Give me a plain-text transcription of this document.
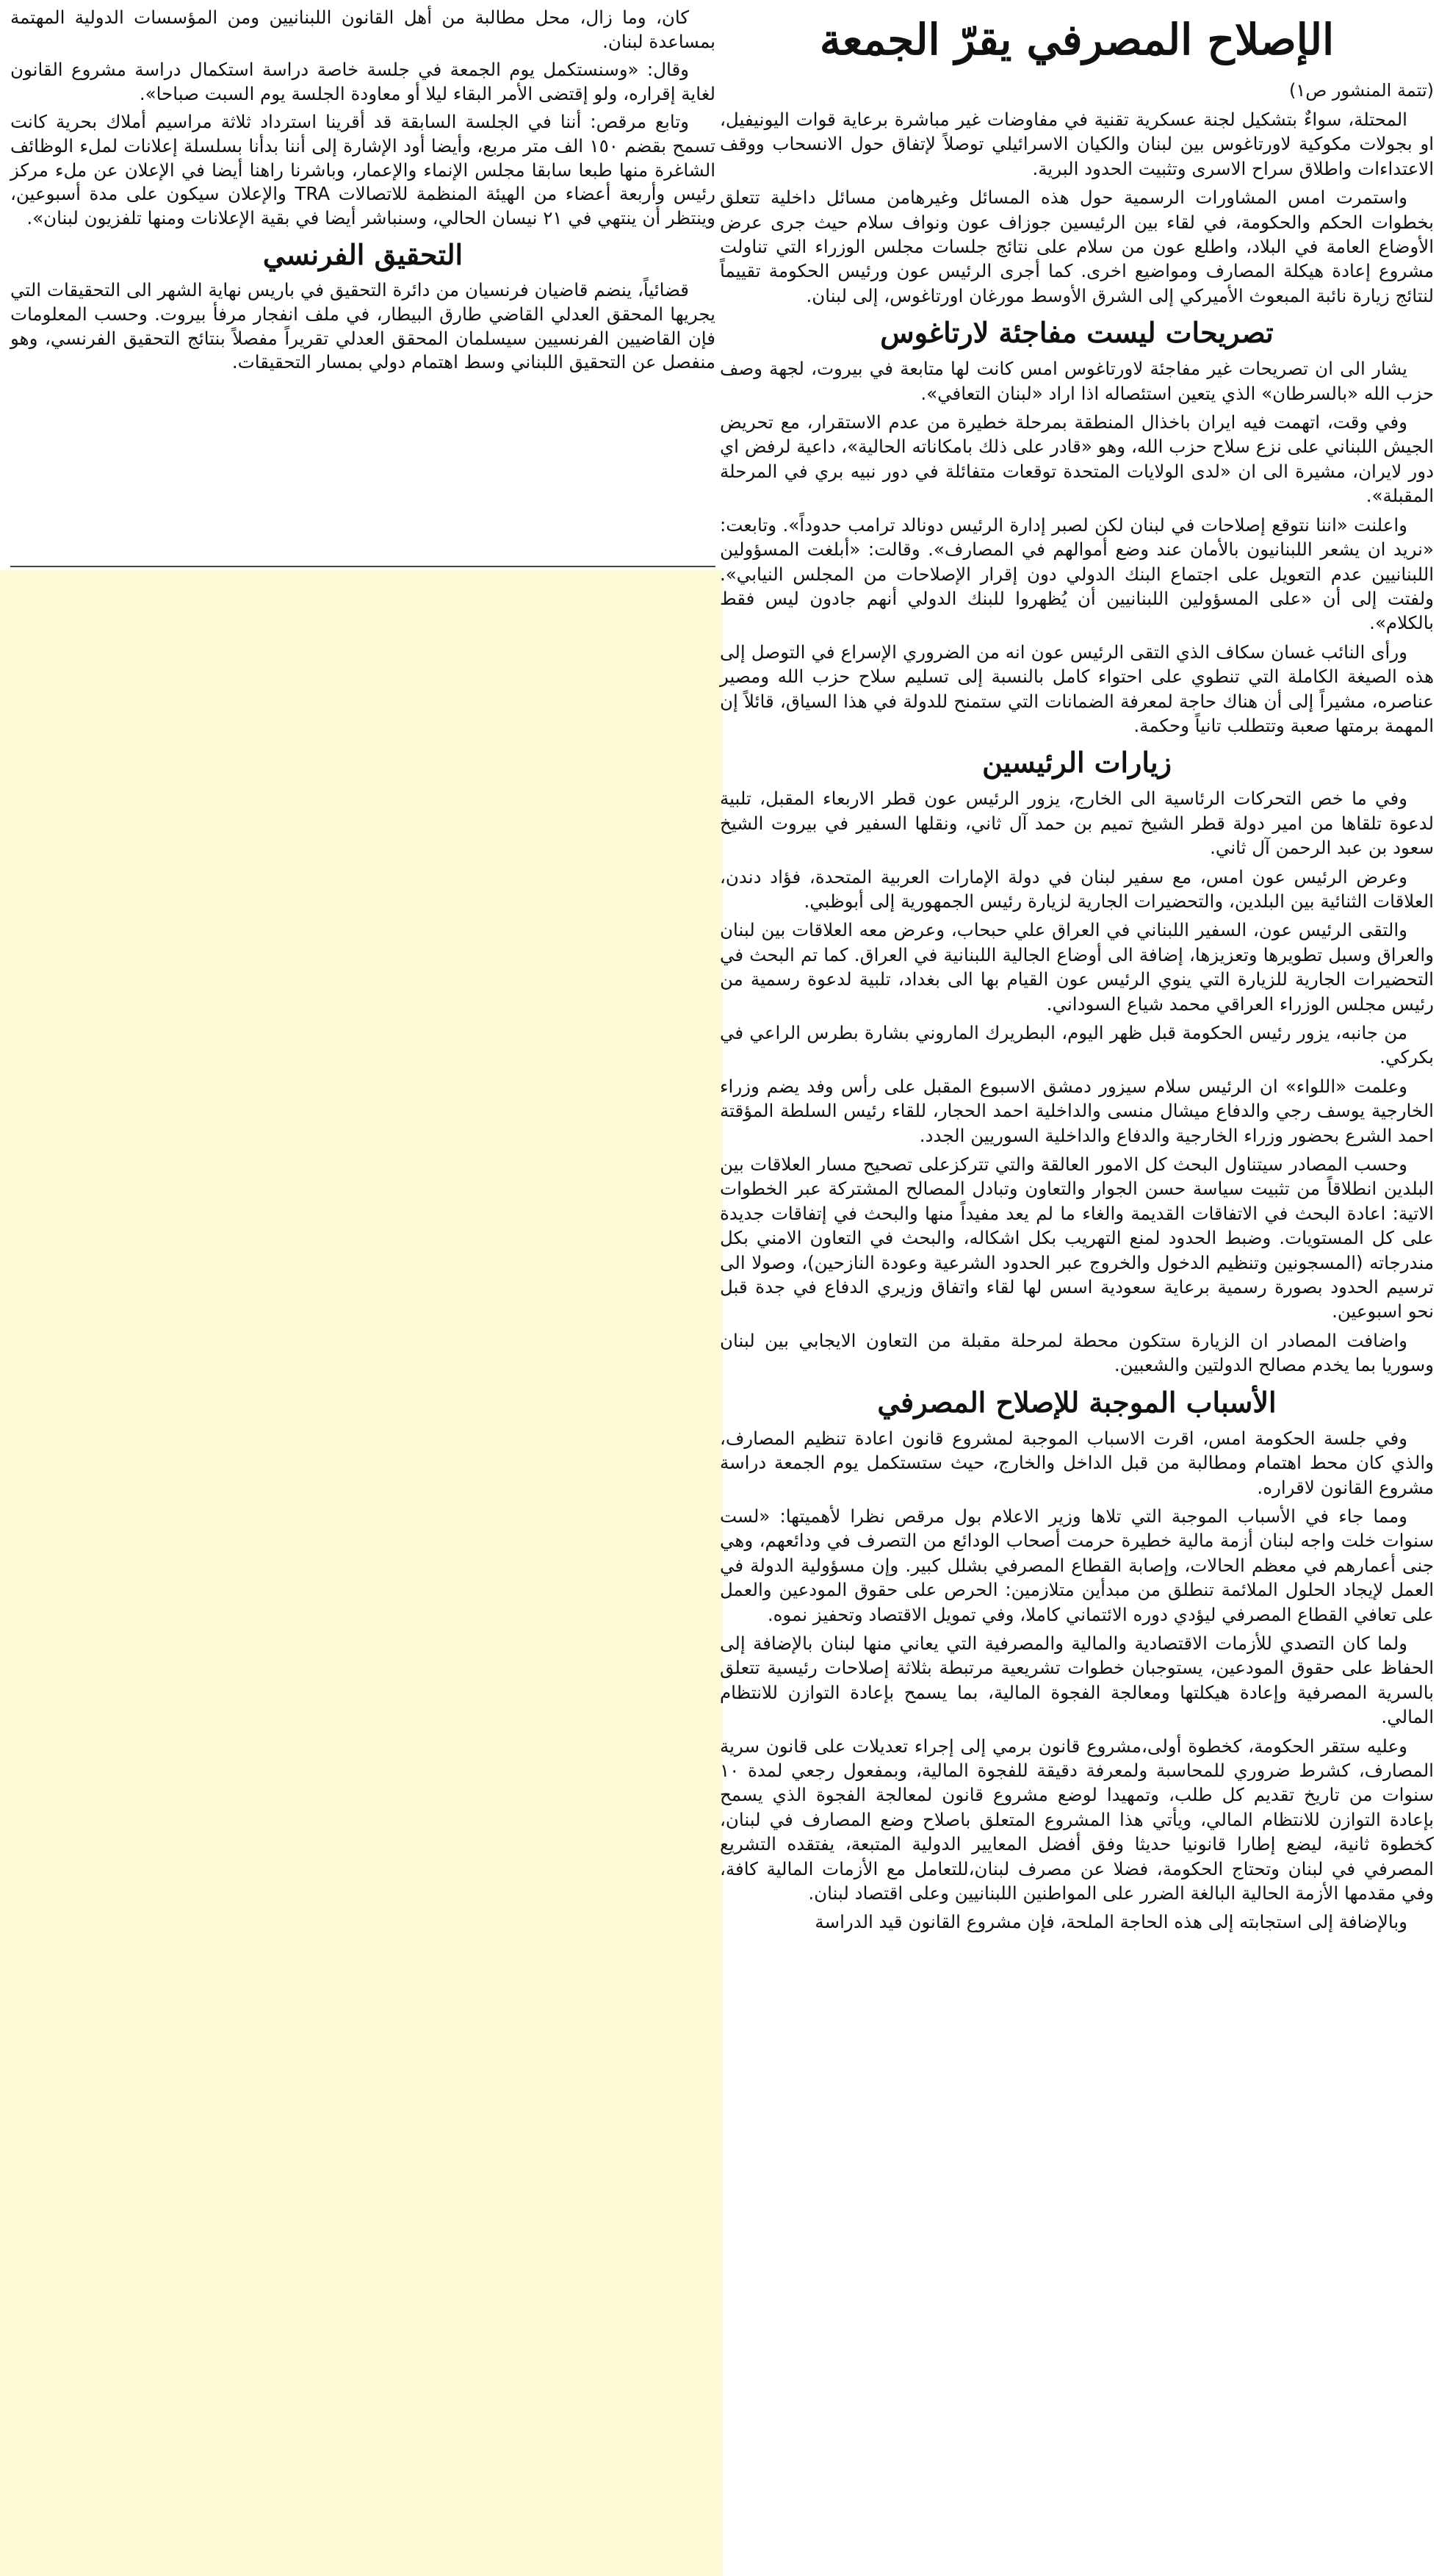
الإصلاح المصرفي يقرّ الجمعة
(تتمة المنشور ص١)

المحتلة، سواءٌ بتشكيل لجنة عسكرية تقنية في مفاوضات غير مباشرة برعاية قوات اليونيفيل، او بجولات مكوكية لاورتاغوس بين لبنان والكيان الاسرائيلي توصلاً لإتفاق حول الانسحاب ووقف الاعتداءات واطلاق سراح الاسرى وتثبيت الحدود البرية.

واستمرت امس المشاورات الرسمية حول هذه المسائل وغيرهامن مسائل داخلية تتعلق بخطوات الحكم والحكومة، في لقاء بين الرئيسين جوزاف عون ونواف سلام حيث جرى عرض الأوضاع العامة في البلاد، واطلع عون من سلام على نتائج جلسات مجلس الوزراء التي تناولت مشروع إعادة هيكلة المصارف ومواضيع اخرى. كما أجرى الرئيس عون ورئيس الحكومة تقييماً لنتائج زيارة نائبة المبعوث الأميركي إلى الشرق الأوسط مورغان اورتاغوس، إلى لبنان.

تصريحات ليست مفاجئة لارتاغوس

يشار الى ان تصريحات غير مفاجئة لاورتاغوس امس كانت لها متابعة في بيروت، لجهة وصف حزب الله «بالسرطان» الذي يتعين استئصاله اذا اراد «لبنان التعافي».

وفي وقت، اتهمت فيه ايران باخذال المنطقة بمرحلة خطيرة من عدم الاستقرار، مع تحريض الجيش اللبناني على نزع سلاح حزب الله، وهو «قادر على ذلك بامكاناته الحالية»، داعية لرفض اي دور لايران، مشيرة الى ان «لدى الولايات المتحدة توقعات متفائلة في دور نبيه بري في المرحلة المقبلة».

واعلنت «اننا نتوقع إصلاحات في لبنان لكن لصبر إدارة الرئيس دونالد ترامب حدوداً». وتابعت: «نريد ان يشعر اللبنانيون بالأمان عند وضع أموالهم في المصارف». وقالت: «أبلغت المسؤولين اللبنانيين عدم التعويل على اجتماع البنك الدولي دون إقرار الإصلاحات من المجلس النيابي». ولفتت إلى أن «على المسؤولين اللبنانيين أن يُظهروا للبنك الدولي أنهم جادون ليس فقط بالكلام».

ورأى النائب غسان سكاف الذي التقى الرئيس عون انه من الضروري الإسراع في التوصل إلى هذه الصيغة الكاملة التي تنطوي على احتواء كامل بالنسبة إلى تسليم سلاح حزب الله ومصير عناصره، مشيراً إلى أن هناك حاجة لمعرفة الضمانات التي ستمنح للدولة في هذا السياق، قائلاً إن المهمة برمتها صعبة وتتطلب تانياً وحكمة.

زيارات الرئيسين

وفي ما خص التحركات الرئاسية الى الخارج، يزور الرئيس عون قطر الاربعاء المقبل، تلبية لدعوة تلقاها من امير دولة قطر الشيخ تميم بن حمد آل ثاني، ونقلها السفير في بيروت الشيخ سعود بن عبد الرحمن آل ثاني.

وعرض الرئيس عون امس، مع سفير لبنان في دولة الإمارات العربية المتحدة، فؤاد دندن، العلاقات الثنائية بين البلدين، والتحضيرات الجارية لزيارة رئيس الجمهورية إلى أبوظبي.

والتقى الرئيس عون، السفير اللبناني في العراق علي حبحاب، وعرض معه العلاقات بين لبنان والعراق وسبل تطويرها وتعزيزها، إضافة الى أوضاع الجالية اللبنانية في العراق. كما تم البحث في التحضيرات الجارية للزيارة التي ينوي الرئيس عون القيام بها الى بغداد، تلبية لدعوة رسمية من رئيس مجلس الوزراء العراقي محمد شياع السوداني.

من جانبه، يزور رئيس الحكومة قبل ظهر اليوم، البطريرك الماروني بشارة بطرس الراعي في بكركي.

وعلمت «اللواء» ان الرئيس سلام سيزور دمشق الاسبوع المقبل على رأس وفد يضم وزراء الخارجية يوسف رجي والدفاع ميشال منسى والداخلية احمد الحجار، للقاء رئيس السلطة المؤقتة احمد الشرع بحضور وزراء الخارجية والدفاع والداخلية السوريين الجدد.

وحسب المصادر سيتناول البحث كل الامور العالقة والتي تتركزعلى تصحيح مسار العلاقات بين البلدين انطلاقاً من تثبيت سياسة حسن الجوار والتعاون وتبادل المصالح المشتركة عبر الخطوات الاتية: اعادة البحث في الاتفاقات القديمة والغاء ما لم يعد مفيداً منها والبحث في إتفاقات جديدة على كل المستويات. وضبط الحدود لمنع التهريب بكل اشكاله، والبحث في التعاون الامني بكل مندرجاته (المسجونين وتنظيم الدخول والخروج عبر الحدود الشرعية وعودة النازحين)، وصولا الى ترسيم الحدود بصورة رسمية برعاية سعودية اسس لها لقاء واتفاق وزيري الدفاع في جدة قبل نحو اسبوعين.

واضافت المصادر ان الزيارة ستكون محطة لمرحلة مقبلة من التعاون الايجابي بين لبنان وسوريا بما يخدم مصالح الدولتين والشعبين.

الأسباب الموجبة للإصلاح المصرفي

وفي جلسة الحكومة امس، اقرت الاسباب الموجبة لمشروع قانون اعادة تنظيم المصارف، والذي كان محط اهتمام ومطالبة من قبل الداخل والخارج، حيث ستستكمل يوم الجمعة دراسة مشروع القانون لاقراره.

ومما جاء في الأسباب الموجبة التي تلاها وزير الاعلام بول مرقص نظرا لأهميتها: «لست سنوات خلت واجه لبنان أزمة مالية خطيرة حرمت أصحاب الودائع من التصرف في ودائعهم، وهي جنى أعمارهم في معظم الحالات، وإصابة القطاع المصرفي بشلل كبير. وإن مسؤولية الدولة في العمل لإيجاد الحلول الملائمة تنطلق من مبدأين متلازمين: الحرص على حقوق المودعين والعمل على تعافي القطاع المصرفي ليؤدي دوره الائتماني كاملا، وفي تمويل الاقتصاد وتحفيز نموه.

ولما كان التصدي للأزمات الاقتصادية والمالية والمصرفية التي يعاني منها لبنان بالإضافة إلى الحفاظ على حقوق المودعين، يستوجبان خطوات تشريعية مرتبطة بثلاثة إصلاحات رئيسية تتعلق بالسرية المصرفية وإعادة هيكلتها ومعالجة الفجوة المالية، بما يسمح بإعادة التوازن للانتظام المالي.

وعليه ستقر الحكومة، كخطوة أولى،مشروع قانون برمي إلى إجراء تعديلات على قانون سرية المصارف، كشرط ضروري للمحاسبة ولمعرفة دقيقة للفجوة المالية، وبمفعول رجعي لمدة ١٠ سنوات من تاريخ تقديم كل طلب، وتمهيدا لوضع مشروع قانون لمعالجة الفجوة الذي يسمح بإعادة التوازن للانتظام المالي، ويأتي هذا المشروع المتعلق باصلاح وضع المصارف في لبنان، كخطوة ثانية، ليضع إطارا قانونيا حديثا وفق أفضل المعايير الدولية المتبعة، يفتقده التشريع المصرفي في لبنان وتحتاج الحكومة، فضلا عن مصرف لبنان،للتعامل مع الأزمات المالية كافة، وفي مقدمها الأزمة الحالية البالغة الضرر على المواطنين اللبنانيين وعلى اقتصاد لبنان.

وبالإضافة إلى استجابته إلى هذه الحاجة الملحة، فإن مشروع القانون قيد الدراسة

كان، وما زال، محل مطالبة من أهل القانون اللبنانيين ومن المؤسسات الدولية المهتمة بمساعدة لبنان.

وقال: «وسنستكمل يوم الجمعة في جلسة خاصة دراسة استكمال دراسة مشروع القانون لغاية إقراره، ولو إقتضى الأمر البقاء ليلا أو معاودة الجلسة يوم السبت صباحا».

وتابع مرقص: أننا في الجلسة السابقة قد أقرينا استرداد ثلاثة مراسيم أملاك بحرية كانت تسمح بقضم ١٥٠ الف متر مربع، وأيضا أود الإشارة إلى أننا بدأنا بسلسلة إعلانات لملء الوظائف الشاغرة منها طبعا سابقا مجلس الإنماء والإعمار، وباشرنا راهنا أيضا في الإعلان عن ملء مركز رئيس وأربعة أعضاء من الهيئة المنظمة للاتصالات TRA والإعلان سيكون على مدة أسبوعين، وينتظر أن ينتهي في ٢١ نيسان الحالي، وسنباشر أيضا في بقية الإعلانات ومنها تلفزيون لبنان».

التحقيق الفرنسي

قضائياً، ينضم قاضيان فرنسيان من دائرة التحقيق في باريس نهاية الشهر الى التحقيقات التي يجريها المحقق العدلي القاضي طارق البيطار، في ملف انفجار مرفأ بيروت. وحسب المعلومات فإن القاضيين الفرنسيين سيسلمان المحقق العدلي تقريراً مفصلاً بنتائج التحقيق الفرنسي، وهو منفصل عن التحقيق اللبناني وسط اهتمام دولي بمسار التحقيقات.
